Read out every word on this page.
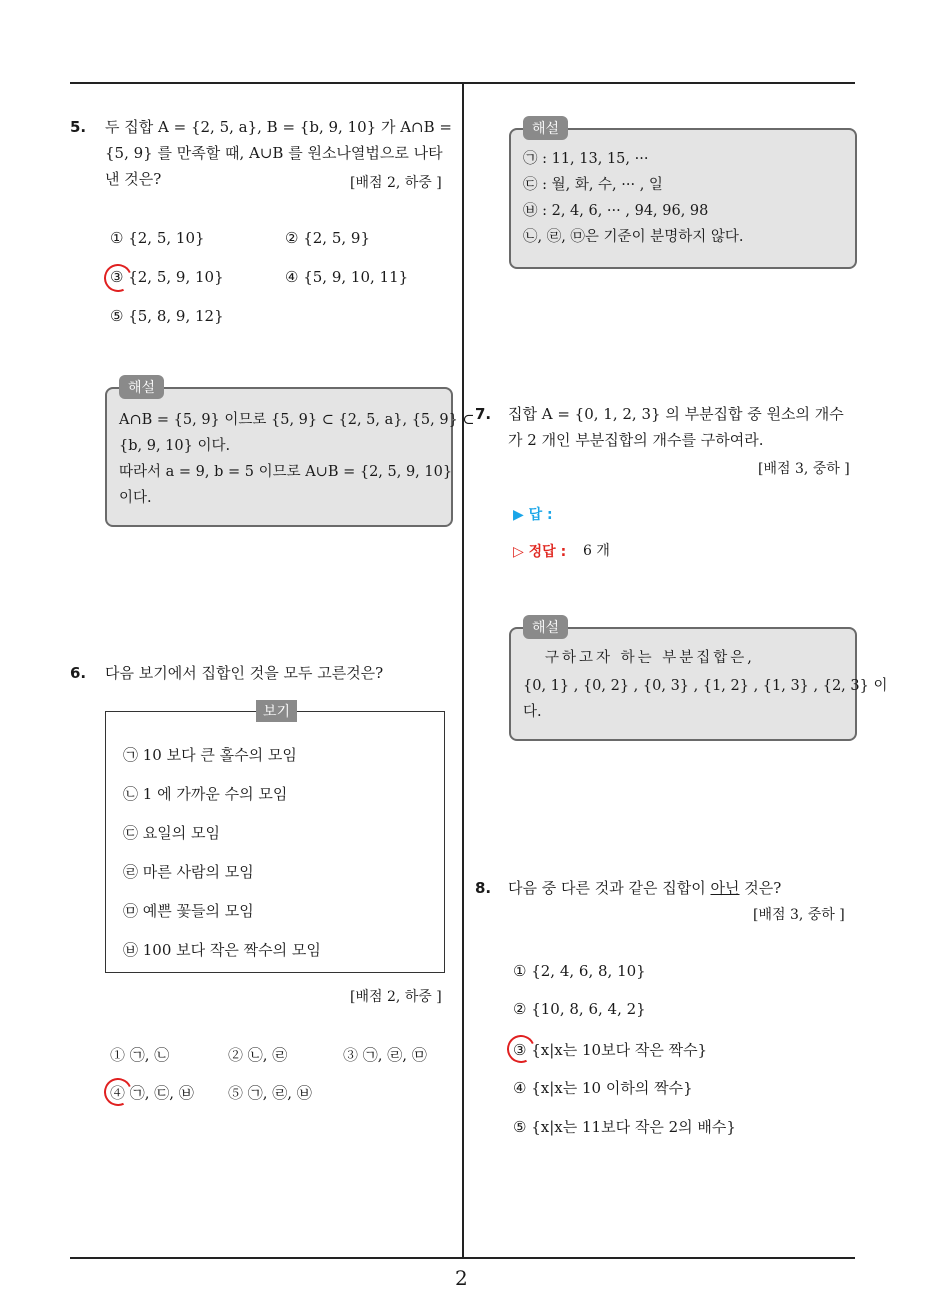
2
5. 두 집합 A = {2, 5, a}, B = {b, 9, 10} 가 A∩B = {5, 9} 를 만족할 때, A∪B 를 원소나열법으로 나타낸 것은?	[배점 2, 하중 ]
① {2, 5, 10}	② {2, 5, 9}
③ {2, 5, 9, 10}	④ {5, 9, 10, 11}
⑤ {5, 8, 9, 12}
A∩B = {5, 9} 이므로 {5, 9} ⊂ {2, 5, a}, {5, 9} ⊂
{b, 9, 10} 이다.
따라서 a = 9, b = 5 이므로 A∪B = {2, 5, 9, 10}
이다.
해설
6. 다음 보기에서 집합인 것을 모두 고른것은?
㉠ 10 보다 큰 홀수의 모임
㉡ 1 에 가까운 수의 모임
㉢ 요일의 모임
㉣ 마른 사람의 모임
㉤ 예쁜 꽃들의 모임
㉥ 100 보다 작은 짝수의 모임
보기
[배점 2, 하중 ]
① ㉠, ㉡	② ㉡, ㉣	③ ㉠, ㉣, ㉤
④ ㉠, ㉢, ㉥ ⑤ ㉠, ㉣, ㉥
㉠ : 11, 13, 15, ···
㉢ : 월, 화, 수, ··· , 일
㉥ : 2, 4, 6, ··· , 94, 96, 98
㉡, ㉣, ㉤은 기준이 분명하지 않다.
해설
7. 집합 A = {0, 1, 2, 3} 의 부분집합 중 원소의 개수가 2 개인 부분집합의 개수를 구하여라.
[배점 3, 중하 ]
▶ 답 :
▷ 정답 : 6 개
구하고자 하는 부분집합은,
{0, 1} , {0, 2} , {0, 3} , {1, 2} , {1, 3} , {2, 3} 이
다.
해설
8. 다음 중 다른 것과 같은 집합이 아닌 것은?
[배점 3, 중하 ]
① {2, 4, 6, 8, 10}
② {10, 8, 6, 4, 2}
③ {x|x는 10보다 작은 짝수}
④ {x|x는 10 이하의 짝수}
⑤ {x|x는 11보다 작은 2의 배수}
